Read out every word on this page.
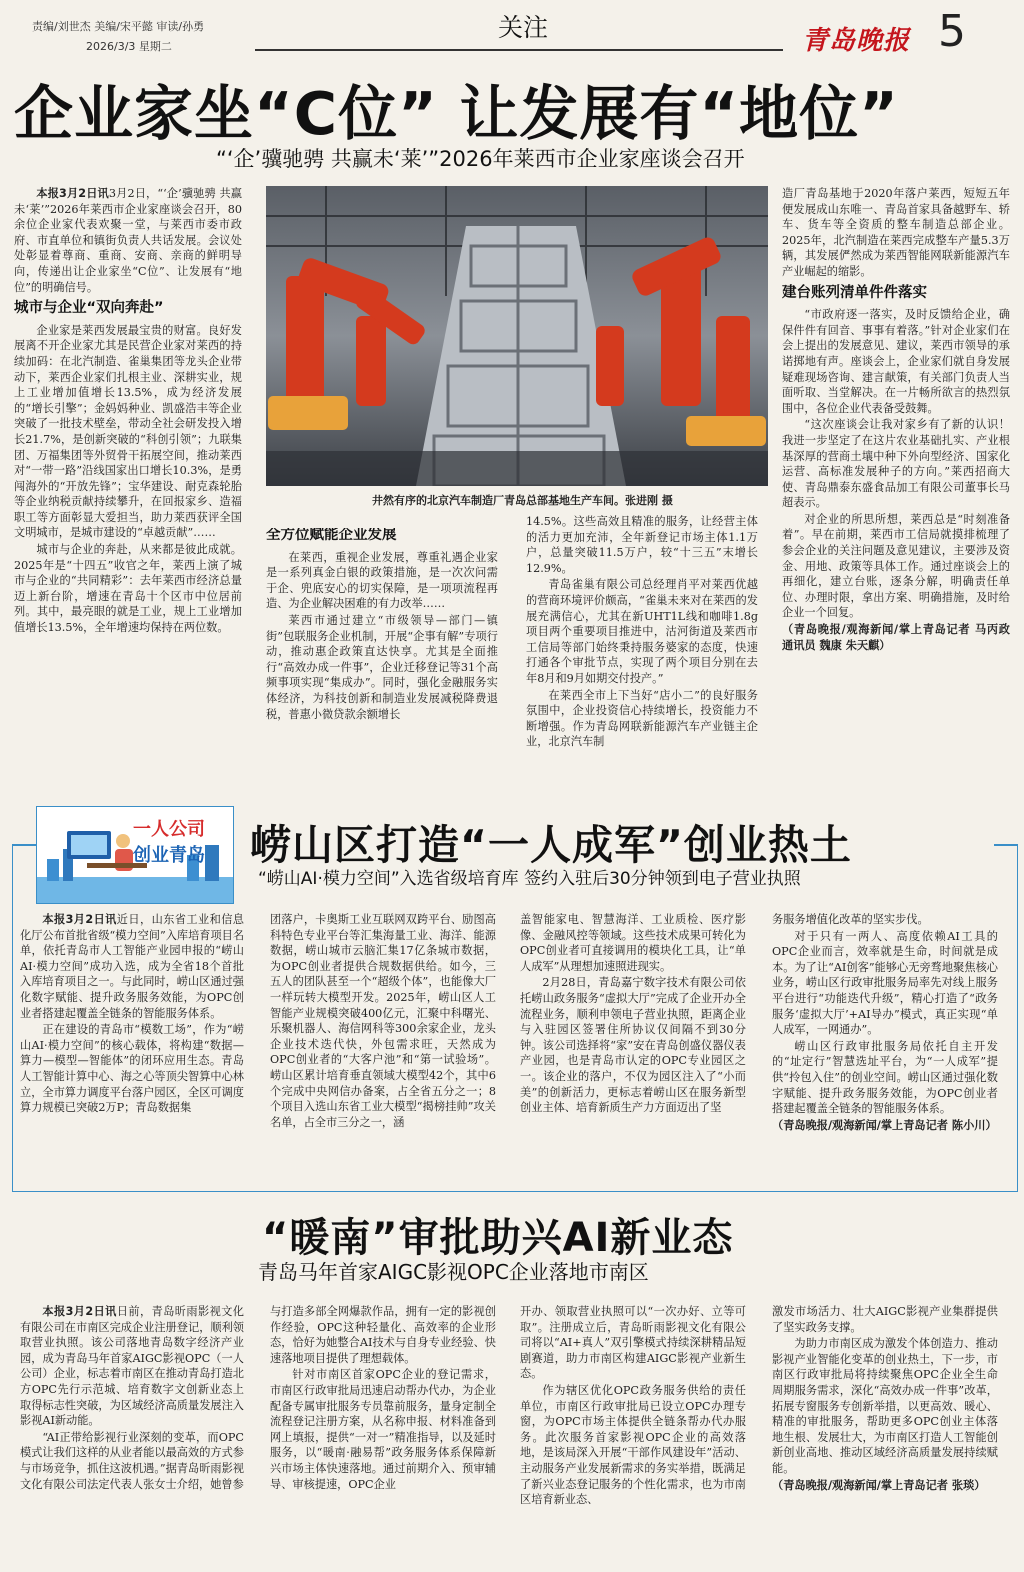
责编/刘世杰 美编/宋平懿 审读/孙勇
2026/3/3 星期二
关注	青岛晚报 5
企业家坐“C位” 让发展有“地位”
“‘企’骥驰骋 共赢未‘莱’”2026年莱西市企业家座谈会召开

本报3月2日讯3月2日，“‘企’骥驰骋 共赢未‘莱’”2026年莱西市企业家座谈会召开，80余位企业家代表欢聚一堂，与莱西市委市政府、市直单位和镇街负责人共话发展。会议处处彰显着尊商、重商、安商、亲商的鲜明导向，传递出让企业家坐“C位”、让发展有“地位”的明确信号。

城市与企业“双向奔赴”

企业家是莱西发展最宝贵的财富。良好发展离不开企业家尤其是民营企业家对莱西的持续加码：在北汽制造、雀巢集团等龙头企业带动下，莱西企业家们扎根主业、深耕实业，规上工业增加值增长13.5%，成为经济发展的“增长引擎”；金妈妈种业、凯盛浩丰等企业突破了一批技术壁垒，带动全社会研发投入增长21.7%，是创新突破的“科创引领”；九联集团、万福集团等外贸骨干拓展空间，推动莱西对“一带一路”沿线国家出口增长10.3%，是勇闯海外的“开放先锋”；宝华建设、耐克森轮胎等企业纳税贡献持续攀升，在回报家乡、造福职工等方面彰显大爱担当，助力莱西获评全国文明城市，是城市建设的“卓越贡献”……

城市与企业的奔赴，从来都是彼此成就。2025年是“十四五”收官之年，莱西上演了城市与企业的“共同精彩”：去年莱西市经济总量迈上新台阶，增速在青岛十个区市中位居前列。其中，最亮眼的就是工业，规上工业增加值增长13.5%，全年增速均保持在两位数。

井然有序的北京汽车制造厂青岛总部基地生产车间。张进刚 摄
全方位赋能企业发展

在莱西，重视企业发展，尊重礼遇企业家是一系列真金白银的政策措施，是一次次问需于企、兜底安心的切实保障，是一项项流程再造、为企业解决困难的有力改举……

莱西市通过建立“市级领导—部门—镇街”包联服务企业机制，开展“企事有解”专项行动，推动惠企政策直达快享。尤其是全面推行“高效办成一件事”，企业迁移登记等31个高频事项实现“集成办”。同时，强化金融服务实体经济，为科技创新和制造业发展减税降费退税，普惠小微贷款余额增长

14.5%。这些高效且精准的服务，让经营主体的活力更加充沛，全年新登记市场主体1.1万户，总量突破11.5万户，较“十三五”末增长12.9%。

青岛雀巢有限公司总经理肖平对莱西优越的营商环境评价颇高，“雀巢未来对在莱西的发展充满信心，尤其在新UHT1L线和咖啡1.8g项目两个重要项目推进中，沽河街道及莱西市工信局等部门始终秉持服务婆家的态度，快速打通各个审批节点，实现了两个项目分别在去年8月和9月如期交付投产。”

在莱西全市上下当好“店小二”的良好服务氛围中，企业投资信心持续增长，投资能力不断增强。作为青岛网联新能源汽车产业链主企业，北京汽车制

造厂青岛基地于2020年落户莱西，短短五年便发展成山东唯一、青岛首家具备越野车、轿车、货车等全资质的整车制造总部企业。2025年，北汽制造在莱西完成整车产量5.3万辆，其发展俨然成为莱西智能网联新能源汽车产业崛起的缩影。

建台账列清单件件落实

“市政府逐一落实，及时反馈给企业，确保件件有回音、事事有着落。”针对企业家们在会上提出的发展意见、建议，莱西市领导的承诺掷地有声。座谈会上，企业家们就自身发展疑难现场咨询、建言献策，有关部门负责人当面听取、当堂解决。在一片畅所欲言的热烈氛围中，各位企业代表备受鼓舞。

“这次座谈会让我对家乡有了新的认识！我进一步坚定了在这片农业基础扎实、产业根基深厚的营商土壤中种下外向型经济、国家化运营、高标准发展种子的方向。”莱西招商大使、青岛鼎泰东盛食品加工有限公司董事长马超表示。

对企业的所思所想，莱西总是“时刻准备着”。早在前期，莱西市工信局就摸排梳理了参会企业的关注问题及意见建议，主要涉及资金、用地、政策等具体工作。通过座谈会上的再细化，建立台账，逐条分解，明确责任单位、办理时限，拿出方案、明确措施，及时给企业一个回复。

（青岛晚报/观海新闻/掌上青岛记者 马丙政 通讯员 魏康 朱天麒）

一人公司
创业青岛 崂山区打造“一人成军”创业热土
“崂山AI·模力空间”入选省级培育库 签约入驻后30分钟领到电子营业执照

本报3月2日讯近日，山东省工业和信息化厅公布首批省级“模力空间”入库培育项目名单，依托青岛市人工智能产业园申报的“崂山AI·模力空间”成功入选，成为全省18个首批入库培育项目之一。与此同时，崂山区通过强化数字赋能、提升政务服务效能，为OPC创业者搭建起覆盖全链条的智能服务体系。

正在建设的青岛市“模数工场”，作为“崂山AI·模力空间”的核心载体，将构建“数据—算力—模型—智能体”的闭环应用生态。青岛人工智能计算中心、海之心等顶尖智算中心林立，全市算力调度平台落户园区，全区可调度算力规模已突破2万P；青岛数据集

团落户，卡奥斯工业互联网双跨平台、励图高科特色专业平台等汇集海量工业、海洋、能源数据，崂山城市云脑汇集17亿条城市数据，为OPC创业者提供合规数据供给。如今，三五人的团队甚至一个“超级个体”，也能像大厂一样玩转大模型开发。2025年，崂山区人工智能产业规模突破400亿元，汇聚中科曙光、乐聚机器人、海信网科等300余家企业，龙头企业技术迭代快，外包需求旺，天然成为OPC创业者的“大客户池”和“第一试验场”。崂山区累计培育垂直领域大模型42个，其中6个完成中央网信办备案，占全省五分之一；8个项目入选山东省工业大模型“揭榜挂帅”攻关名单，占全市三分之一，涵

盖智能家电、智慧海洋、工业质检、医疗影像、金融风控等领域。这些技术成果可转化为OPC创业者可直接调用的模块化工具，让“单人成军”从理想加速照进现实。

2月28日，青岛嘉宁数字技术有限公司依托崂山政务服务“虚拟大厅”完成了企业开办全流程业务，顺利申领电子营业执照，距离企业与入驻园区签署住所协议仅间隔不到30分钟。该公司选择将“家”安在青岛创盛仪器仪表产业园，也是青岛市认定的OPC专业园区之一。该企业的落户，不仅为园区注入了“小而美”的创新活力，更标志着崂山区在服务新型创业主体、培育新质生产力方面迈出了坚

务服务增值化改革的坚实步伐。

对于只有一两人、高度依赖AI工具的OPC企业而言，效率就是生命，时间就是成本。为了让“AI创客”能够心无旁骛地聚焦核心业务，崂山区行政审批服务局率先对线上服务平台进行“功能迭代升级”，精心打造了“政务服务‘虚拟大厅’+AI导办”模式，真正实现“单人成军，一网通办”。

崂山区行政审批服务局依托自主开发的“址定行”智慧选址平台，为“一人成军”提供“拎包入住”的创业空间。崂山区通过强化数字赋能、提升政务服务效能，为OPC创业者搭建起覆盖全链条的智能服务体系。

（青岛晚报/观海新闻/掌上青岛记者 陈小川）

“暖南”审批助兴AI新业态
青岛马年首家AIGC影视OPC企业落地市南区

本报3月2日讯日前，青岛昕雨影视文化有限公司在市南区完成企业注册登记，顺利领取营业执照。该公司落地青岛数字经济产业园，成为青岛马年首家AIGC影视OPC（一人公司）企业，标志着市南区在推动青岛打造北方OPC先行示范城、培育数字文创新业态上取得标志性突破，为区域经济高质量发展注入影视AI新动能。

“AI正带给影视行业深刻的变革，而OPC模式让我们这样的从业者能以最高效的方式参与市场竞争，抓住这波机遇。”据青岛昕雨影视文化有限公司法定代表人张女士介绍，她曾参

与打造多部全网爆款作品，拥有一定的影视创作经验，OPC这种轻量化、高效率的企业形态，恰好为她整合AI技术与自身专业经验、快速落地项目提供了理想载体。

针对市南区首家OPC企业的登记需求，市南区行政审批局迅速启动帮办代办，为企业配备专属审批服务专员靠前服务，量身定制全流程登记注册方案，从名称申报、材料准备到网上填报，提供“一对一”精准指导，以及延时服务，以“暖南·融易帮”政务服务体系保障新兴市场主体快速落地。通过前期介入、预审辅导、审核提速，OPC企业

开办、领取营业执照可以“一次办好、立等可取”。注册成立后，青岛昕雨影视文化有限公司将以“AI+真人”双引擎模式持续深耕精品短剧赛道，助力市南区构建AIGC影视产业新生态。

作为辖区优化OPC政务服务供给的责任单位，市南区行政审批局已设立OPC办理专窗，为OPC市场主体提供全链条帮办代办服务。此次服务首家影视OPC企业的高效落地，是该局深入开展“干部作风建设年”活动、主动服务产业发展新需求的务实举措，既满足了新兴业态登记服务的个性化需求，也为市南区培育新业态、

激发市场活力、壮大AIGC影视产业集群提供了坚实政务支撑。

为助力市南区成为激发个体创造力、推动影视产业智能化变革的创业热土，下一步，市南区行政审批局将持续聚焦OPC企业全生命周期服务需求，深化“高效办成一件事”改革，拓展专窗服务专创新举措，以更高效、暖心、精准的审批服务，帮助更多OPC创业主体落地生根、发展壮大，为市南区打造人工智能创新创业高地、推动区域经济高质量发展持续赋能。

（青岛晚报/观海新闻/掌上青岛记者 张琰）
